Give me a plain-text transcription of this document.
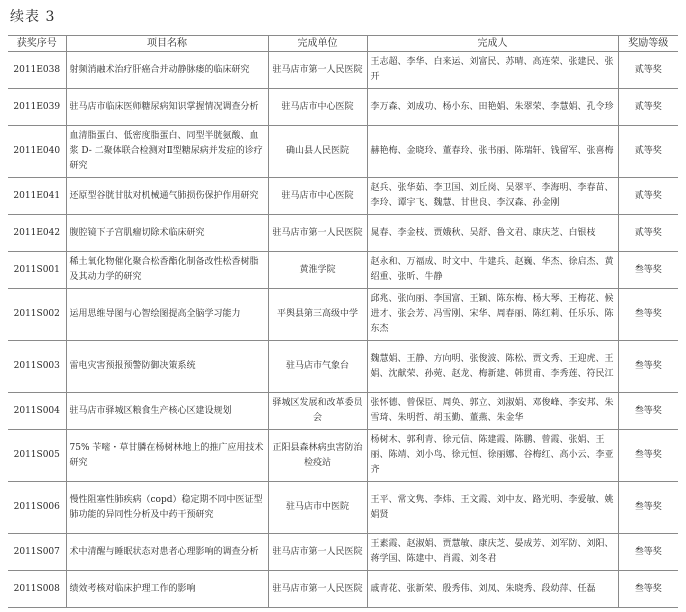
续表 3
获奖序号	项目名称	完成单位	完成人	奖励等级
2011E038	射频消融术治疗肝癌合并动静脉瘘的临床研究	驻马店市第一人民医院	王志超、李华、白来运、刘富民、苏晴、高连荣、张建民、张开	贰等奖
2011E039	驻马店市临床医师糖尿病知识掌握情况调查分析	驻马店市中心医院	李万森、刘成功、杨小东、田艳娟、朱翠荣、李慧娟、孔令珍	贰等奖
2011E040	血清脂蛋白、低密度脂蛋白、同型半胱氨酸、血浆 D- 二聚体联合检测对Ⅱ型糖尿病并发症的诊疗研究	确山县人民医院	赫艳梅、金晓玲、董春玲、张书丽、陈瑞轩、钱留军、张喜梅	贰等奖
2011E041	还原型谷胱甘肽对机械通气肺损伤保护作用研究	驻马店市中心医院	赵兵、张华茹、李卫国、刘丘岗、吴翠平、李海明、李春苗、李玲、谭宇飞、魏慧、甘世良、李汉森、孙金刚	贰等奖
2011E042	腹腔镜下子宫肌瘤切除术临床研究	驻马店市第一人民医院	晁春、李金枝、贾娥秋、吴舒、鲁文君、康庆芝、白银枝	贰等奖
2011S001	稀土氧化物催化聚合松香酯化制备改性松香树脂及其动力学的研究	黄淮学院	赵永和、万福成、时文中、牛建兵、赵巍、华杰、徐启杰、黄绍重、张昕、牛静	叁等奖
2011S002	运用思维导图与心智绘图提高全脑学习能力	平舆县第三高级中学	邱兆、张向丽、李国富、王颖、陈东梅、杨大琴、王梅花、候进才、张会芳、冯雪刚、宋华、周春丽、陈红莉、任乐乐、陈东杰	叁等奖
2011S003	雷电灾害预报预警防御决策系统	驻马店市气象台	魏慧娟、王静、方向明、张俊波、陈松、贾文秀、王迎虎、王娟、沈献荣、孙菀、赵龙、梅新建、韩贯甫、李秀莲、符民江	叁等奖
2011S004	驻马店市驿城区粮食生产核心区建设规划	驿城区发展和改革委员会	张怀德、曾保臣、周奂、郭立、刘淑娟、邓俊峰、李安邦、朱雪琦、朱明哲、胡玉勤、董燕、朱金华	叁等奖
2011S005	75% 苄嘧・草甘膦在杨树林地上的推广应用技术研究	正阳县森林病虫害防治检疫站	杨树木、郭利青、徐元信、陈建霞、陈鹏、曾霞、张娟、王丽、陈靖、刘小鸟、徐元恒、徐丽娜、谷梅红、高小云、李亚齐	叁等奖
2011S006	慢性阻塞性肺疾病（copd）稳定期不同中医证型肺功能的异同性分析及中药干预研究	驻马店市中医院	王平、常文隽、李炜、王文霞、刘中友、路光明、李爱敏、姚娟贤	叁等奖
2011S007	术中清醒与睡眠状态对患者心理影响的调查分析	驻马店市第一人民医院	王素霞、赵淑娟、贾慧敏、康庆芝、晏成芳、刘军防、刘阳、蒋学国、陈建中、肖霞、刘冬君	叁等奖
2011S008	绩效考核对临床护理工作的影响	驻马店市第一人民医院	戚青花、张新荣、殷秀伟、刘凤、朱晓秀、段幼萍、任磊	叁等奖
